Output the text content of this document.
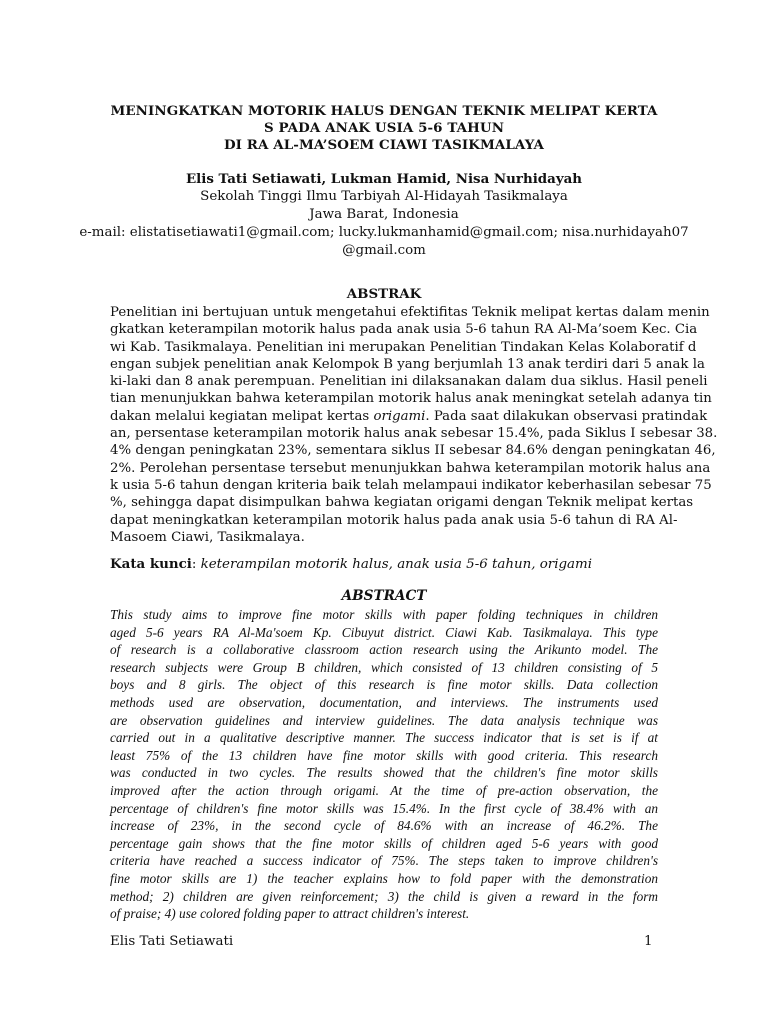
MENINGKATKAN MOTORIK HALUS DENGAN TEKNIK MELIPAT KERTA
S PADA ANAK USIA 5-6 TAHUN
DI RA AL-MA’SOEM CIAWI TASIKMALAYA
Elis Tati Setiawati, Lukman Hamid, Nisa Nurhidayah
Sekolah Tinggi Ilmu Tarbiyah Al-Hidayah Tasikmalaya
Jawa Barat, Indonesia
e-mail: elistatisetiawati1@gmail.com; lucky.lukmanhamid@gmail.com; nisa.nurhidayah07
@gmail.com
ABSTRAK
Penelitian ini bertujuan untuk mengetahui efektifitas Teknik melipat kertas dalam menin
gkatkan keterampilan motorik halus pada anak usia 5-6 tahun RA Al-Ma’soem Kec. Cia
wi Kab. Tasikmalaya. Penelitian ini merupakan Penelitian Tindakan Kelas Kolaboratif d
engan subjek penelitian anak Kelompok B yang berjumlah 13 anak terdiri dari 5 anak la
ki-laki dan 8 anak perempuan. Penelitian ini dilaksanakan dalam dua siklus. Hasil peneli
tian menunjukkan bahwa keterampilan motorik halus anak meningkat setelah adanya tin
dakan melalui kegiatan melipat kertas origami. Pada saat dilakukan observasi pratindak
an, persentase keterampilan motorik halus anak sebesar 15.4%, pada Siklus I sebesar 38.
4% dengan peningkatan 23%, sementara siklus II sebesar 84.6% dengan peningkatan 46,
2%. Perolehan persentase tersebut menunjukkan bahwa keterampilan motorik halus ana
k usia 5-6 tahun dengan kriteria baik telah melampaui indikator keberhasilan sebesar 75
%, sehingga dapat disimpulkan bahwa kegiatan origami dengan Teknik melipat kertas
dapat meningkatkan keterampilan motorik halus pada anak usia 5-6 tahun di RA Al-
Masoem Ciawi, Tasikmalaya.
Kata kunci: keterampilan motorik halus, anak usia 5-6 tahun, origami
ABSTRACT
This study aims to improve fine motor skills with paper folding techniques in children
aged 5-6 years RA Al-Ma'soem Kp. Cibuyut district. Ciawi Kab. Tasikmalaya. This type
of research is a collaborative classroom action research using the Arikunto model. The
research subjects were Group B children, which consisted of 13 children consisting of 5
boys and 8 girls. The object of this research is fine motor skills. Data collection
methods used are observation, documentation, and interviews. The instruments used
are observation guidelines and interview guidelines. The data analysis technique was
carried out in a qualitative descriptive manner. The success indicator that is set is if at
least 75% of the 13 children have fine motor skills with good criteria. This research
was conducted in two cycles. The results showed that the children's fine motor skills
improved after the action through origami. At the time of pre-action observation, the
percentage of children's fine motor skills was 15.4%. In the first cycle of 38.4% with an
increase of 23%, in the second cycle of 84.6% with an increase of 46.2%. The
percentage gain shows that the fine motor skills of children aged 5-6 years with good
criteria have reached a success indicator of 75%. The steps taken to improve children's
fine motor skills are 1) the teacher explains how to fold paper with the demonstration
method; 2) children are given reinforcement; 3) the child is given a reward in the form
of praise; 4) use colored folding paper to attract children's interest.
Elis Tati Setiawati	1
